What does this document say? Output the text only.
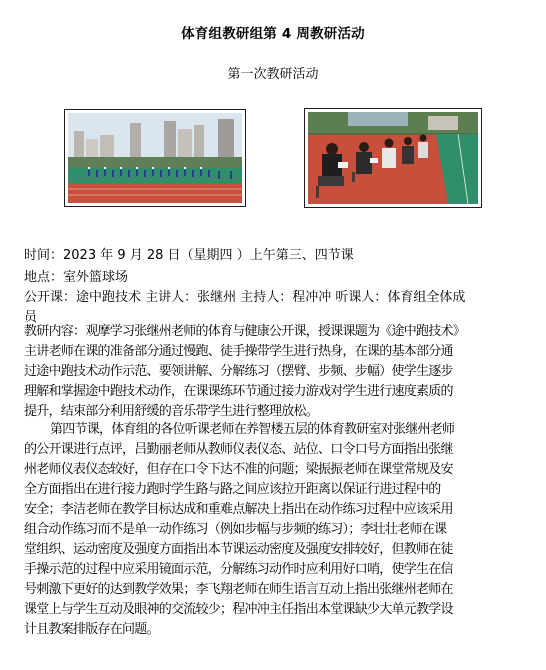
体育组教研组第 4 周教研活动
第一次教研活动
时间：2023 年 9 月 28 日（星期四 ）上午第三、四节课
地点：室外篮球场
公开课：途中跑技术 主讲人：张继州 主持人：程冲冲 听课人：体育组全体成
员
教研内容：观摩学习张继州老师的体育与健康公开课，授课课题为《途中跑技术》
主讲老师在课的准备部分通过慢跑、徒手操带学生进行热身，在课的基本部分通
过途中跑技术动作示范、要领讲解、分解练习（摆臂、步频、步幅）使学生逐步
理解和掌握途中跑技术动作，在课课练环节通过接力游戏对学生进行速度素质的
提升，结束部分利用舒缓的音乐带学生进行整理放松。
第四节课，体育组的各位听课老师在养智楼五层的体育教研室对张继州老师
的公开课进行点评，吕勤丽老师从教师仪表仪态、站位、口令口号方面指出张继
州老师仪表仪态较好，但存在口令下达不准的问题；梁振振老师在课堂常规及安
全方面指出在进行接力跑时学生路与路之间应该拉开距离以保证行进过程中的
安全；李洁老师在教学目标达成和重难点解决上指出在动作练习过程中应该采用
组合动作练习而不是单一动作练习（例如步幅与步频的练习）；李壮壮老师在课
堂组织、运动密度及强度方面指出本节课运动密度及强度安排较好，但教师在徒
手操示范的过程中应采用镜面示范，分解练习动作时应利用好口哨，使学生在信
号刺激下更好的达到教学效果；李飞翔老师在师生语言互动上指出张继州老师在
课堂上与学生互动及眼神的交流较少；程冲冲主任指出本堂课缺少大单元教学设
计且教案排版存在问题。
